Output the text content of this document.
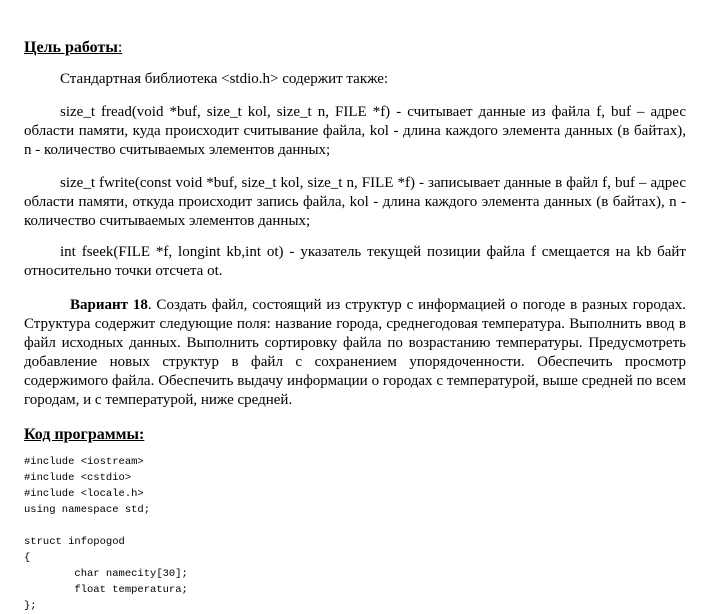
Цель работы:

Стандартная библиотека <stdio.h> содержит также:

size_t fread(void *buf, size_t kol, size_t n, FILE *f) - считывает данные из файла f, buf – адрес области памяти, куда происходит считывание файла, kol - длина каждого элемента данных (в байтах), n - количество считываемых элементов данных;

size_t fwrite(const void *buf, size_t kol, size_t n, FILE *f) - записывает данные в файл f, buf – адрес области памяти, откуда происходит запись файла, kol - длина каждого элемента данных (в байтах), n - количество считываемых элементов данных;

int fseek(FILE *f, longint kb,int ot) - указатель текущей позиции файла f смещается на kb байт относительно точки отсчета ot.

Вариант 18. Создать файл, состоящий из структур с информацией о погоде в разных городах. Структура содержит следующие поля: название города, среднегодовая температура. Выполнить ввод в файл исходных данных. Выполнить сортировку файла по возрастанию температуры. Предусмотреть добавление новых структур в файл с сохранением упорядоченности. Обеспечить просмотр содержимого файла. Обеспечить выдачу информации о городах с температурой, выше средней по всем городам, и с температурой, ниже средней.

Код программы:
#include <iostream>
#include <cstdio>
#include <locale.h>
using namespace std;

struct infopogod
{
char namecity[30];
float temperatura;
};
